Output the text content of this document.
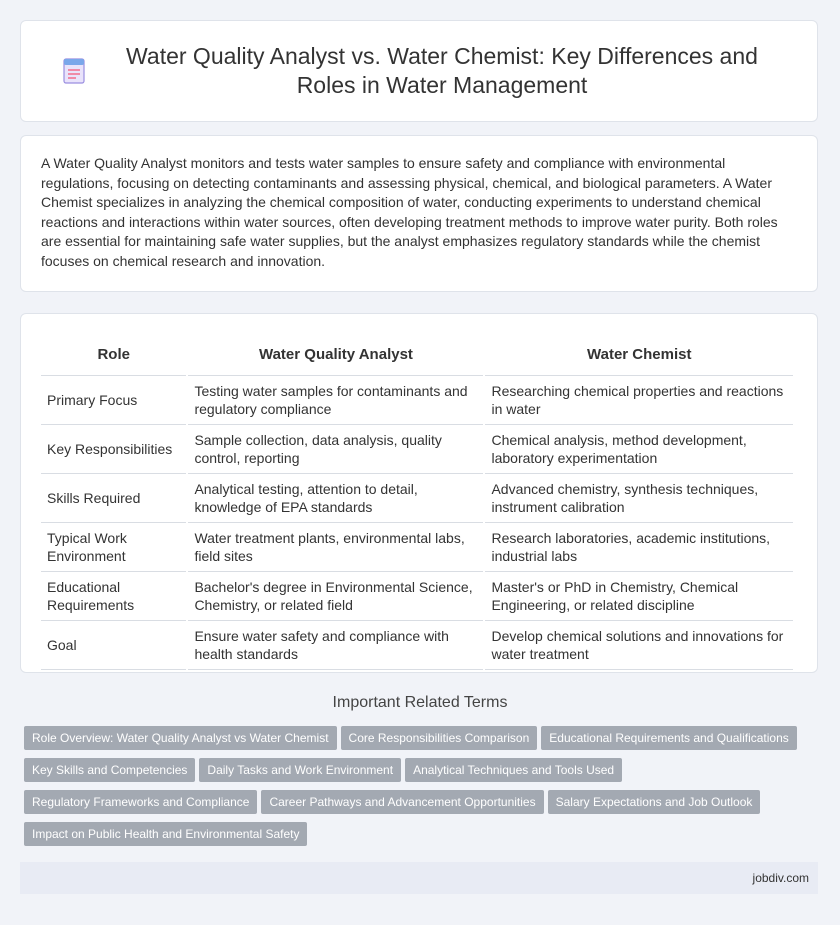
Water Quality Analyst vs. Water Chemist: Key Differences and Roles in Water Management

A Water Quality Analyst monitors and tests water samples to ensure safety and compliance with environmental regulations, focusing on detecting contaminants and assessing physical, chemical, and biological parameters. A Water Chemist specializes in analyzing the chemical composition of water, conducting experiments to understand chemical reactions and interactions within water sources, often developing treatment methods to improve water purity. Both roles are essential for maintaining safe water supplies, but the analyst emphasizes regulatory standards while the chemist focuses on chemical research and innovation.

Role	Water Quality Analyst	Water Chemist
Primary Focus	Testing water samples for contaminants and regulatory compliance	Researching chemical properties and reactions in water
Key Responsibilities	Sample collection, data analysis, quality control, reporting	Chemical analysis, method development, laboratory experimentation
Skills Required	Analytical testing, attention to detail, knowledge of EPA standards	Advanced chemistry, synthesis techniques, instrument calibration
Typical Work Environment	Water treatment plants, environmental labs, field sites	Research laboratories, academic institutions, industrial labs
Educational Requirements	Bachelor's degree in Environmental Science, Chemistry, or related field	Master's or PhD in Chemistry, Chemical Engineering, or related discipline
Goal	Ensure water safety and compliance with health standards	Develop chemical solutions and innovations for water treatment
Important Related Terms
Role Overview: Water Quality Analyst vs Water Chemist Core Responsibilities Comparison Educational Requirements and Qualifications
Key Skills and Competencies Daily Tasks and Work Environment Analytical Techniques and Tools Used
Regulatory Frameworks and Compliance Career Pathways and Advancement Opportunities Salary Expectations and Job Outlook
Impact on Public Health and Environmental Safety
jobdiv.com
